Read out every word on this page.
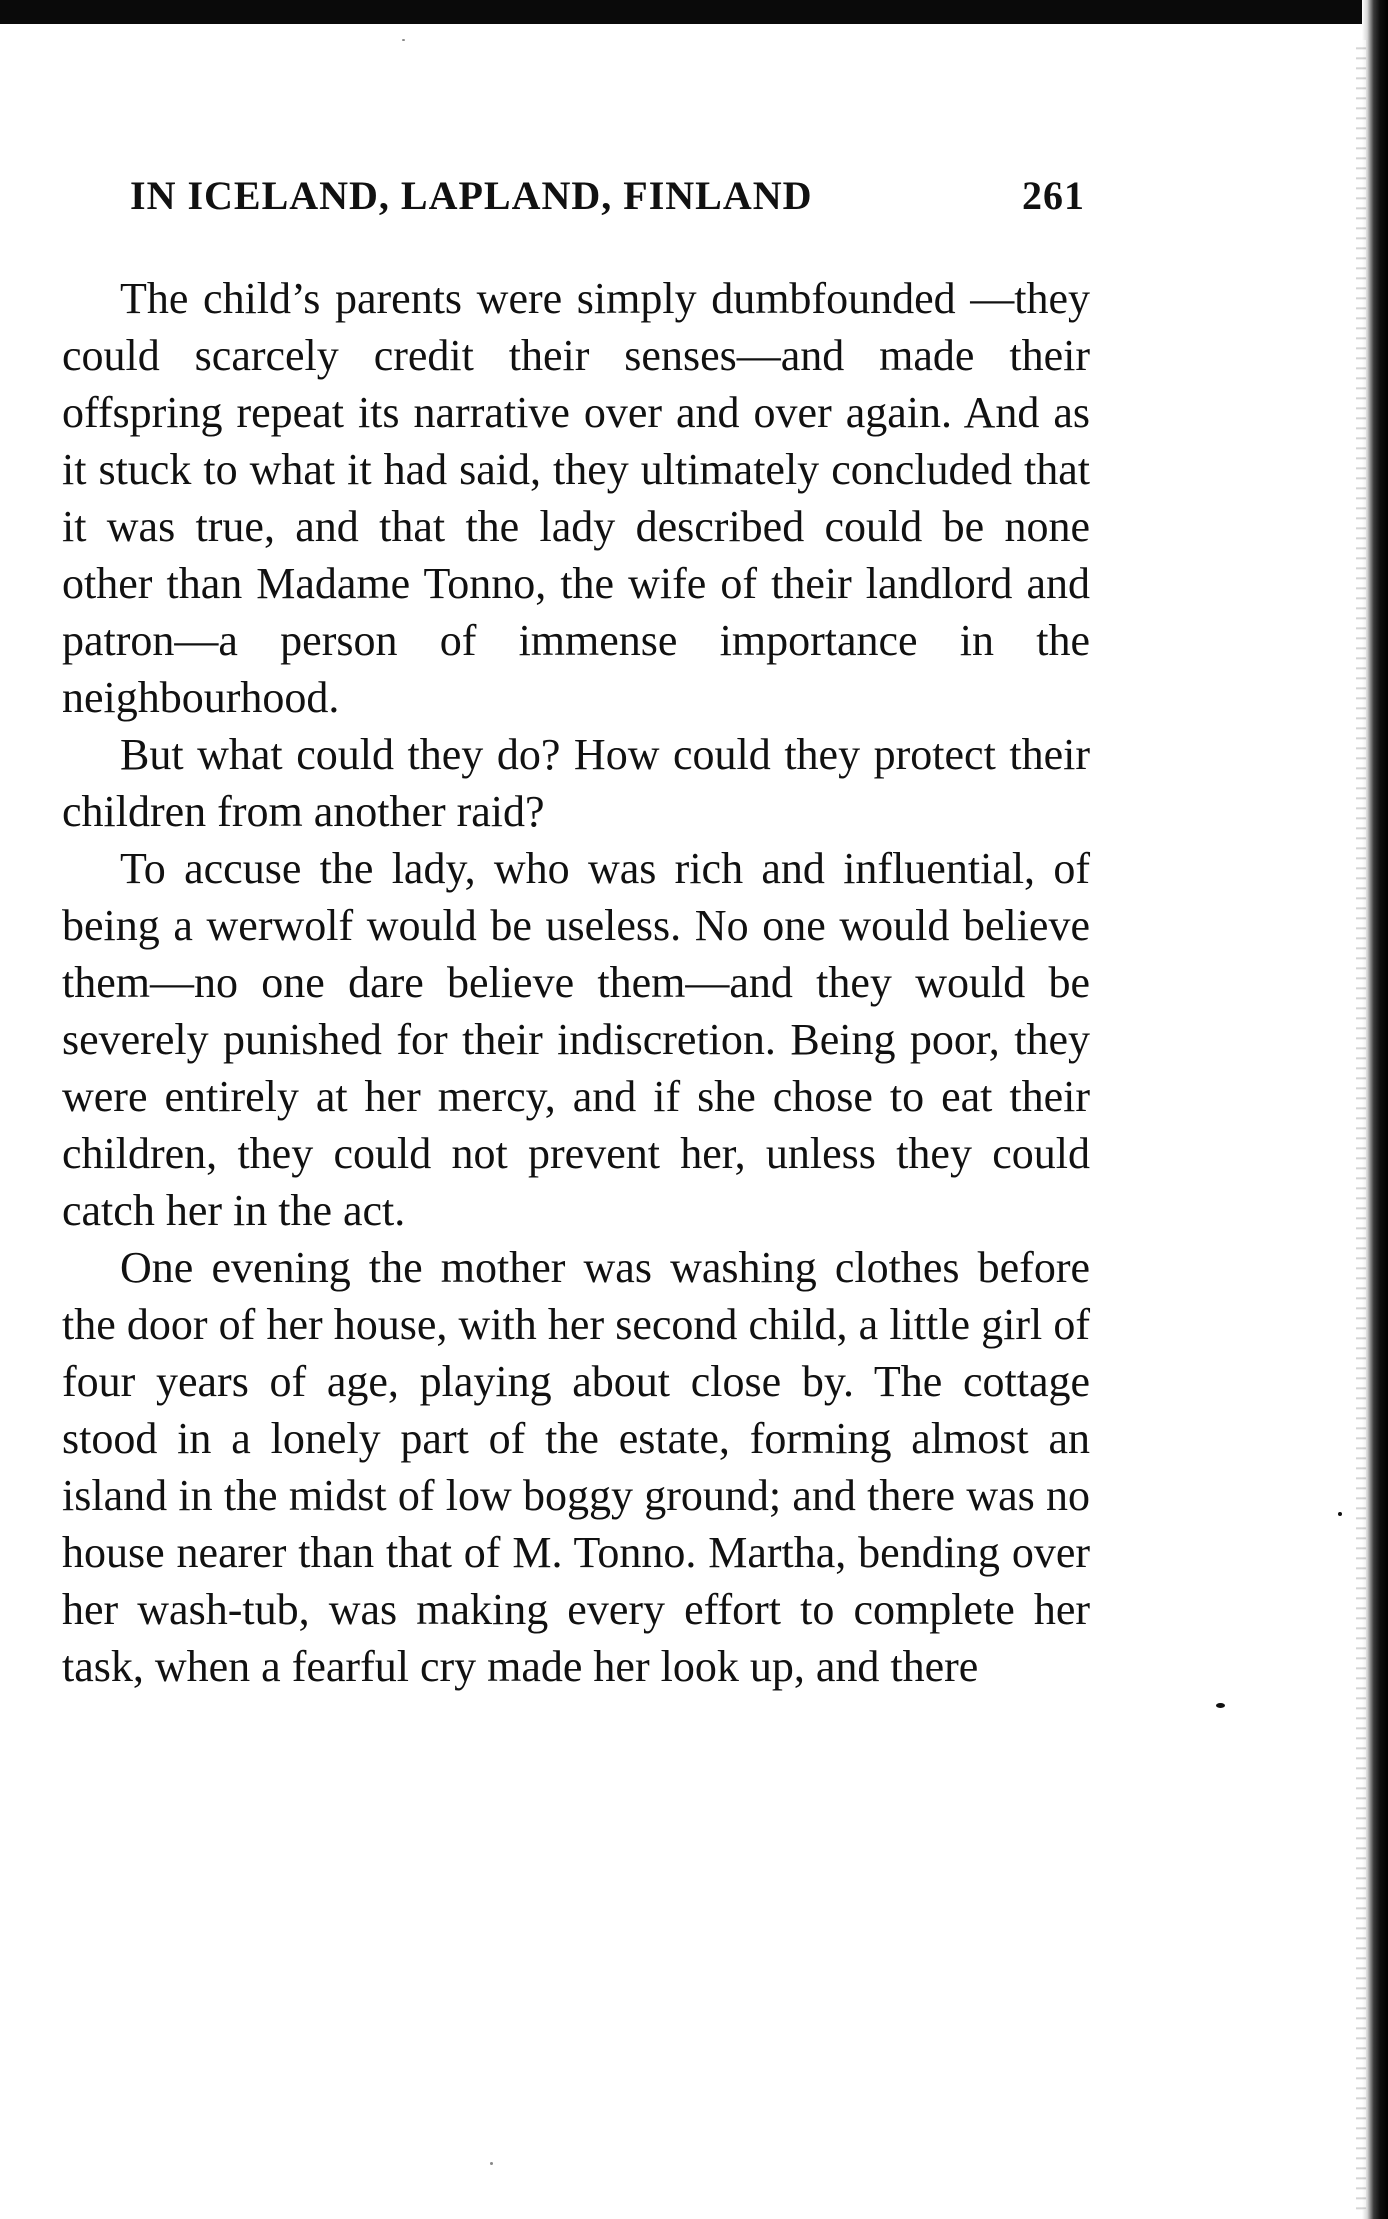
IN ICELAND, LAPLAND, FINLAND	261

The child’s parents were simply dumbfounded —they could scarcely credit their senses—and made their offspring repeat its narrative over and over again. And as it stuck to what it had said, they ultimately concluded that it was true, and that the lady described could be none other than Madame Tonno, the wife of their landlord and patron—a person of immense importance in the neighbourhood.

But what could they do? How could they protect their children from another raid?

To accuse the lady, who was rich and influential, of being a werwolf would be useless. No one would believe them—no one dare believe them—and they would be severely punished for their indiscretion. Being poor, they were entirely at her mercy, and if she chose to eat their children, they could not prevent her, unless they could catch her in the act.

One evening the mother was washing clothes before the door of her house, with her second child, a little girl of four years of age, playing about close by. The cottage stood in a lonely part of the estate, forming almost an island in the midst of low boggy ground; and there was no house nearer than that of M. Tonno. Martha, bending over her wash-tub, was making every effort to complete her task, when a fearful cry made her look up, and there
